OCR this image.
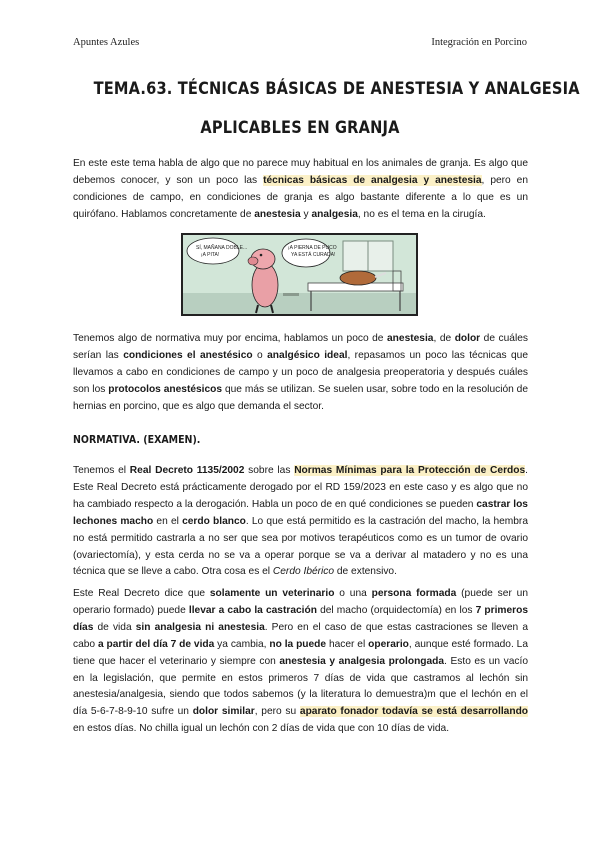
Apuntes Azules	Integración en Porcino
TEMA.63. TÉCNICAS BÁSICAS DE ANESTESIA Y ANALGESIA
APLICABLES EN GRANJA
En este este tema habla de algo que no parece muy habitual en los animales de granja. Es algo que debemos conocer, y son un poco las técnicas básicas de analgesia y anestesia, pero en condiciones de campo, en condiciones de granja es algo bastante diferente a lo que es un quirófano. Hablamos concretamente de anestesia y analgesia, no es el tema en la cirugía.
SÍ, MAÑANA DOBLE...
¡A PITA!
¡A PIERNA DE PUCO
YA ESTÁ CURADA!
Tenemos algo de normativa muy por encima, hablamos un poco de anestesia, de dolor de cuáles serían las condiciones el anestésico o analgésico ideal, repasamos un poco las técnicas que llevamos a cabo en condiciones de campo y un poco de analgesia preoperatoria y después cuáles son los protocolos anestésicos que más se utilizan. Se suelen usar, sobre todo en la resolución de hernias en porcino, que es algo que demanda el sector.
NORMATIVA. (EXAMEN).
Tenemos el Real Decreto 1135/2002 sobre las Normas Mínimas para la Protección de Cerdos. Este Real Decreto está prácticamente derogado por el RD 159/2023 en este caso y es algo que no ha cambiado respecto a la derogación. Habla un poco de en qué condiciones se pueden castrar los lechones macho en el cerdo blanco. Lo que está permitido es la castración del macho, la hembra no está permitido castrarla a no ser que sea por motivos terapéuticos como es un tumor de ovario (ovariectomía), y esta cerda no se va a operar porque se va a derivar al matadero y no es una técnica que se lleve a cabo. Otra cosa es el Cerdo Ibérico de extensivo.
Este Real Decreto dice que solamente un veterinario o una persona formada (puede ser un operario formado) puede llevar a cabo la castración del macho (orquidectomía) en los 7 primeros días de vida sin analgesia ni anestesia. Pero en el caso de que estas castraciones se lleven a cabo a partir del día 7 de vida ya cambia, no la puede hacer el operario, aunque esté formado. La tiene que hacer el veterinario y siempre con anestesia y analgesia prolongada. Esto es un vacío en la legislación, que permite en estos primeros 7 días de vida que castramos al lechón sin anestesia/analgesia, siendo que todos sabemos (y la literatura lo demuestra)m que el lechón en el día 5-6-7-8-9-10 sufre un dolor similar, pero su aparato fonador todavía se está desarrollando en estos días. No chilla igual un lechón con 2 días de vida que con 10 días de vida.
